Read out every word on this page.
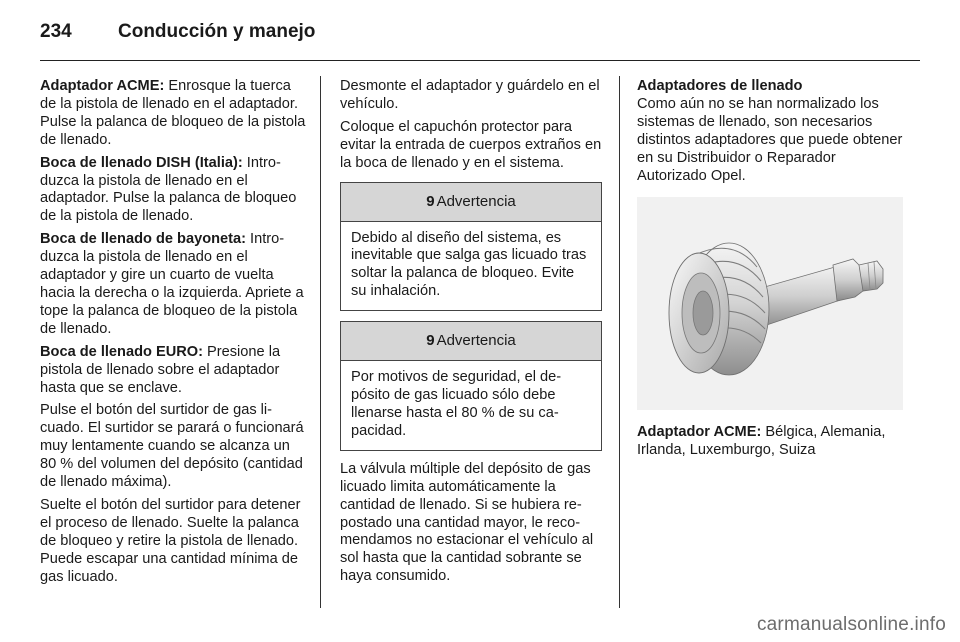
234	Conducción y manejo

Adaptador ACME: Enrosque la tuerca de la pistola de llenado en el adaptador. Pulse la palanca de bloqueo de la pistola de llenado.

Boca de llenado DISH (Italia): Introduzca la pistola de llenado en el adaptador. Pulse la palanca de bloqueo de la pistola de llenado.

Boca de llenado de bayoneta: Introduzca la pistola de llenado en el adaptador y gire un cuarto de vuelta hacia la derecha o la izquierda. Apriete a tope la palanca de bloqueo de la pistola de llenado.

Boca de llenado EURO: Presione la pistola de llenado sobre el adaptador hasta que se enclave.

Pulse el botón del surtidor de gas licuado. El surtidor se parará o funcionará muy lentamente cuando se alcanza un 80 % del volumen del depósito (cantidad de llenado máxima).

Suelte el botón del surtidor para detener el proceso de llenado. Suelte la palanca de bloqueo y retire la pistola de llenado. Puede escapar una cantidad mínima de gas licuado.

Desmonte el adaptador y guárdelo en el vehículo.

Coloque el capuchón protector para evitar la entrada de cuerpos extraños en la boca de llenado y en el sistema.

9 Advertencia
Debido al diseño del sistema, es inevitable que salga gas licuado tras soltar la palanca de bloqueo. Evite su inhalación.
9 Advertencia
Por motivos de seguridad, el depósito de gas licuado sólo debe llenarse hasta el 80 % de su capacidad.

La válvula múltiple del depósito de gas licuado limita automáticamente la cantidad de llenado. Si se hubiera repostado una cantidad mayor, le recomendamos no estacionar el vehículo al sol hasta que la cantidad sobrante se haya consumido.

Adaptadores de llenado

Como aún no se han normalizado los sistemas de llenado, son necesarios distintos adaptadores que puede obtener en su Distribuidor o Reparador Autorizado Opel.

Adaptador ACME: Bélgica, Alemania, Irlanda, Luxemburgo, Suiza

carmanualsonline.info
